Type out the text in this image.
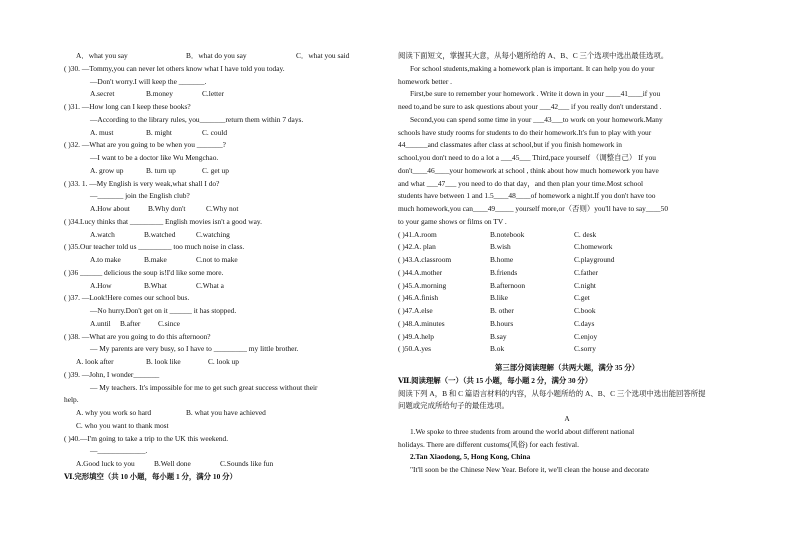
A．what you say	B．what do you say	C．what you said
( )30. —Tommy,you can never let others know what I have told you today.
—Don't worry.I will keep the _______.
A.secret	B.money	C.letter
( )31. —How long can I keep these books?
—According to the library rules, you_______return them within 7 days.
A. must	B. might	C. could
( )32. —What are you going to be when you _______?
—I want to be a doctor like Wu Mengchao.
A. grow up	B. turn up	C. get up
( )33. 1. —My English is very weak,what shall I do?
—_______ join the English club?
A.How about	B.Why don't	C.Why not
( )34.Lucy thinks that _________ English movies isn't a good way.
A.watch	B.watched	C.watching
( )35.Our teacher told us _________ too much noise in class.
A.to make	B.make	C.not to make
( )36 ______ delicious the soup is!I'd like some more.
A.How	B.What	C.What a
( )37. —Look!Here comes our school bus.
—No hurry.Don't get on it ______ it has stopped.
A.until	B.after	C.since
( )38. —What are you going to do this afternoon?
— My parents are very busy, so I have to _________ my little brother.
A. look after	B. look like	C. look up
( )39. —John, I wonder_______
— My teachers. It's impossible for me to get such great success without their
help.
A. why you work so hard	B. what you have achieved
C. who you want to thank most
( )40.—I'm going to take a trip to the UK this weekend.
—_____________.
A.Good luck to you	B.Well done	C.Sounds like fun
Ⅵ.完形填空（共 10 小题，每小题 1 分，满分 10 分）
阅读下面短文，掌握其大意，从每小题所给的 A、B、C 三个选项中选出最佳选项。
For school students,making a homework plan is important. It can help you do your
homework better .
First,be sure to remember your homework . Write it down in your ____41____if you
need to,and be sure to ask questions about your ___42___ if you really don't understand .
Second,you can spend some time in your ___43___to work on your homework.Many
schools have study rooms for students to do their homework.It's fun to play with your
44______and classmates after class at school,but if you finish homework in
school,you don't need to do a lot a ___45___ Third,pace yourself （调整自己） If you
don't____46____your homework at school , think about how much homework you have
and what ___47___ you need to do that day，and then plan your time.Most school
students have between 1 and 1.5____48____of homework a night.If you don't have too
much homework,you can____49_____ yourself more,or（否则）you'll have to say____50
to your game shows or films on TV .
( )41.A.room	B.notebook	C. desk
( )42.A. plan	B.wish	C.homework
( )43.A.classroom	B.home	C.playground
( )44.A.mother	B.friends	C.father
( )45.A.morning	B.afternoon	C.night
( )46.A.finish	B.like	C.get
( )47.A.else	B. other	C.book
( )48.A.minutes	B.hours	C.days
( )49.A.help	B.say	C.enjoy
( )50.A.yes	B.ok	C.sorry
第三部分阅读理解（共两大题，满分 35 分）
Ⅶ.阅读理解（一）（共 15 小题，每小题 2 分，满分 30 分）
阅读下列 A，B 和 C 篇语言材料的内容，从每小题所给的 A、B、C 三个选项中选出能回答所提
问题或完成所给句子的最佳选项。
A
1.We spoke to three students from around the world about different national
holidays. There are different customs(风俗) for each festival.
2.Tan Xiaodong, 5, Hong Kong, China
"It'll soon be the Chinese New Year. Before it, we'll clean the house and decorate
